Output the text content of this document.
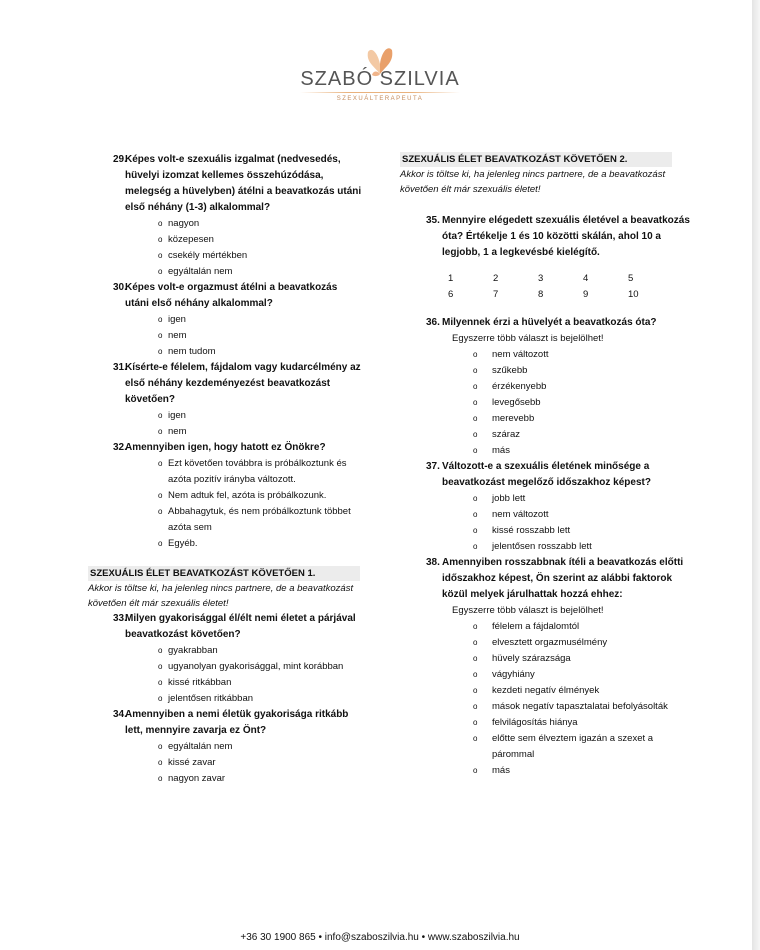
SZABÓ SZILVIA
SZEXUÁLTERAPEUTA
29.
Képes volt-e szexuális izgalmat (nedvesedés, hüvelyi izomzat kellemes összehúzódása, melegség a hüvelyben) átélni a beavatkozás utáni első néhány (1-3) alkalommal?
o nagyon
o közepesen
o csekély mértékben
o egyáltalán nem
30.
Képes volt-e orgazmust átélni a beavatkozás utáni első néhány alkalommal?
o igen
o nem
o nem tudom
31.
Kísérte-e félelem, fájdalom vagy kudarcélmény az első néhány kezdeményezést beavatkozást követően?
o igen
o nem
32.
Amennyiben igen, hogy hatott ez Önökre?
o Ezt követően továbbra is próbálkoztunk és azóta pozitív irányba változott.
o Nem adtuk fel, azóta is próbálkozunk.
o Abbahagytuk, és nem próbálkoztunk többet azóta sem
o Egyéb.
SZEXUÁLIS ÉLET BEAVATKOZÁST KÖVETŐEN 1.
Akkor is töltse ki, ha jelenleg nincs partnere, de a beavatkozást követően élt már szexuális életet!
33.
Milyen gyakorisággal él/élt nemi életet a párjával beavatkozást követően?
o gyakrabban
o ugyanolyan gyakorisággal, mint korábban
o kissé ritkábban
o jelentősen ritkábban
34.
Amennyiben a nemi életük gyakorisága ritkább lett, mennyire zavarja ez Önt?
o egyáltalán nem
o kissé zavar
o nagyon zavar
SZEXUÁLIS ÉLET BEAVATKOZÁST KÖVETŐEN 2.
Akkor is töltse ki, ha jelenleg nincs partnere, de a beavatkozást követően élt már szexuális életet!
35. Mennyire elégedett szexuális életével a beavatkozás óta? Értékelje 1 és 10 közötti skálán, ahol 10 a legjobb, 1 a legkevésbé kielégítő.
1	2	3	4	5
6	7	8	9	10
36. Milyennek érzi a hüvelyét a beavatkozás óta?
Egyszerre több választ is bejelölhet!
o nem változott
o szűkebb
o érzékenyebb
o levegősebb
o merevebb
o száraz
o más
37. Változott-e a szexuális életének minősége a beavatkozást megelőző időszakhoz képest?
o jobb lett
o nem változott
o kissé rosszabb lett
o jelentősen rosszabb lett
38. Amennyiben rosszabbnak ítéli a beavatkozás előtti időszakhoz képest, Ön szerint az alábbi faktorok közül melyek járulhattak hozzá ehhez:
Egyszerre több választ is bejelölhet!
o félelem a fájdalomtól
o elvesztett orgazmusélmény
o hüvely szárazsága
o vágyhiány
o kezdeti negatív élmények
o mások negatív tapasztalatai befolyásolták
o felvilágosítás hiánya
o előtte sem élveztem igazán a szexet a párommal
o más
+36 30 1900 865 • info@szaboszilvia.hu • www.szaboszilvia.hu
